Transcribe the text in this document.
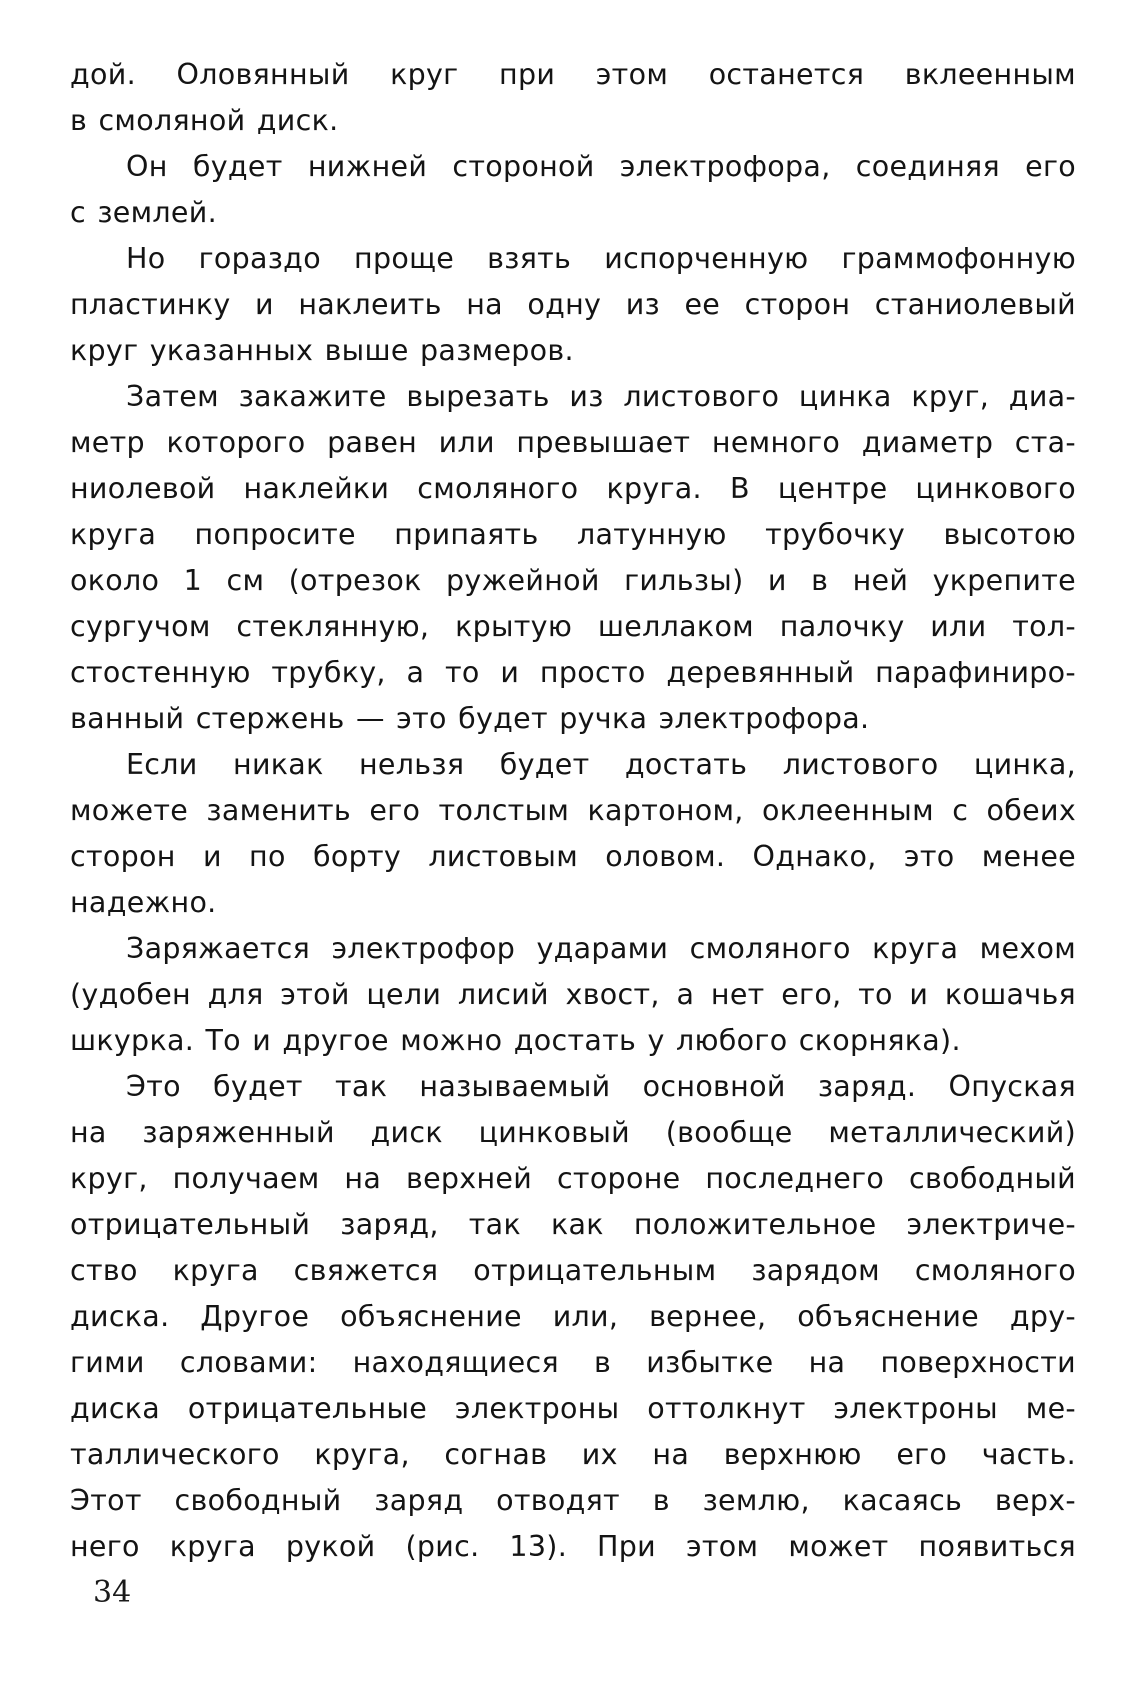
дой. Оловянный круг при этом останется вклеенным
в смоляной диск.
Он будет нижней стороной электрофора, соединяя его
с землей.
Но гораздо проще взять испорченную граммофонную
пластинку и наклеить на одну из ее сторон станиолевый
круг указанных выше размеров.
Затем закажите вырезать из листового цинка круг, диа-
метр которого равен или превышает немного диаметр ста-
ниолевой наклейки смоляного круга. В центре цинкового
круга попросите припаять латунную трубочку высотою
около 1 см (отрезок ружейной гильзы) и в ней укрепите
сургучом стеклянную, крытую шеллаком палочку или тол-
стостенную трубку, а то и просто деревянный парафиниро-
ванный стержень — это будет ручка электрофора.
Если никак нельзя будет достать листового цинка,
можете заменить его толстым картоном, оклеенным с обеих
сторон и по борту листовым оловом. Однако, это менее
надежно.
Заряжается электрофор ударами смоляного круга мехом
(удобен для этой цели лисий хвост, а нет его, то и кошачья
шкурка. То и другое можно достать у любого скорняка).
Это будет так называемый основной заряд. Опуская
на заряженный диск цинковый (вообще металлический)
круг, получаем на верхней стороне последнего свободный
отрицательный заряд, так как положительное электриче-
ство круга свяжется отрицательным зарядом смоляного
диска. Другое объяснение или, вернее, объяснение дру-
гими словами: находящиеся в избытке на поверхности
диска отрицательные электроны оттолкнут электроны ме-
таллического круга, согнав их на верхнюю его часть.
Этот свободный заряд отводят в землю, касаясь верх-
него круга рукой (рис. 13). При этом может появиться
34
